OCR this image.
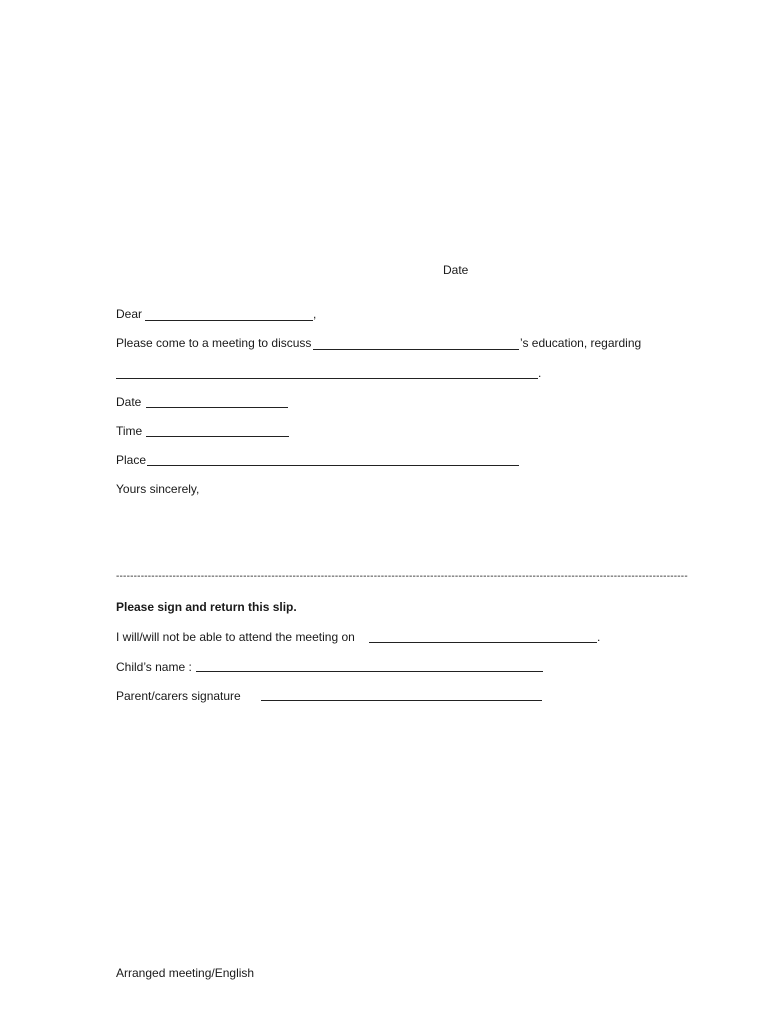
Date
Dear	,
Please come to a meeting to discuss	’s education, regarding
.
Date
Time
Place
Yours sincerely,
------------------------------------------------------------------------------------------------------------------------------------------------------------------
Please sign and return this slip.
I will/will not be able to attend the meeting on	.
Child’s name :
Parent/carers signature
Arranged meeting/English
